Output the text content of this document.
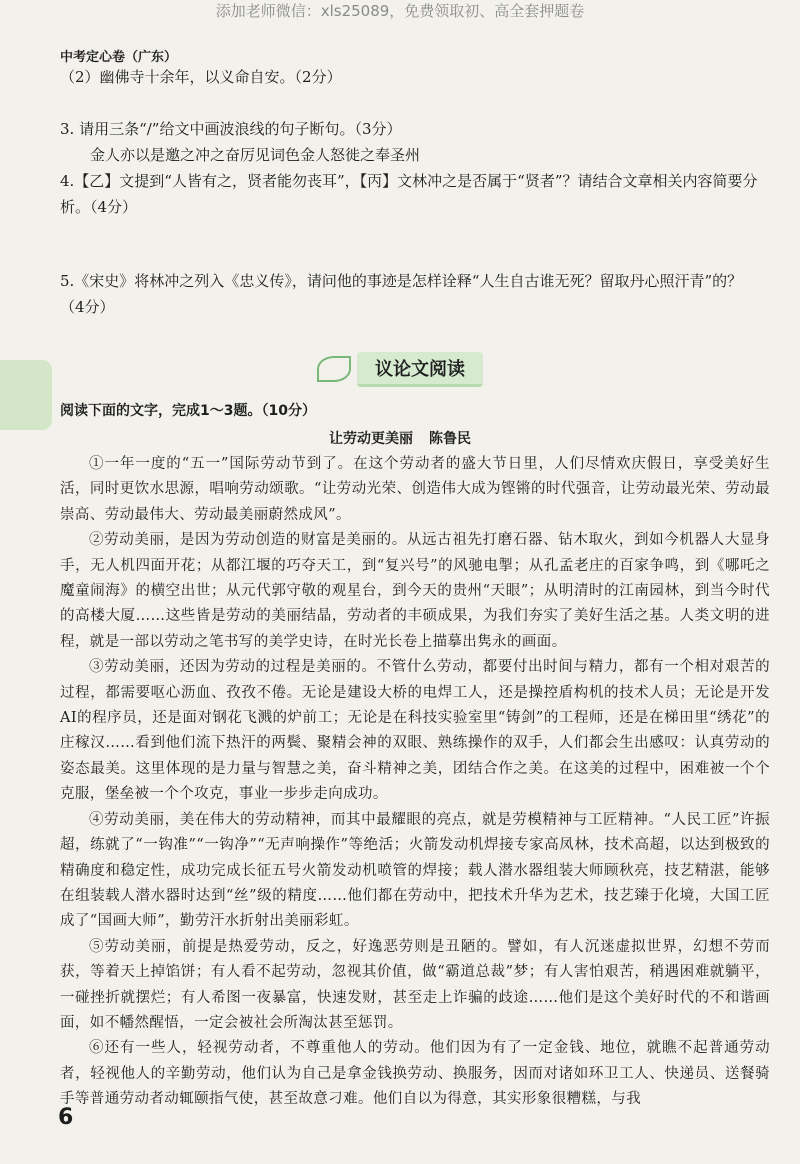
添加老师微信：xls25089，免费领取初、高全套押题卷
中考定心卷（广东）
（2）幽佛寺十余年，以义命自安。（2分）
3. 请用三条“/”给文中画波浪线的句子断句。（3分）
金人亦以是邀之冲之奋厉见词色金人怒徙之奉圣州
4.【乙】文提到“人皆有之，贤者能勿丧耳”，【丙】文林冲之是否属于“贤者”？请结合文章相关内容简要分析。（4分）
5.《宋史》将林冲之列入《忠义传》，请问他的事迹是怎样诠释“人生自古谁无死？留取丹心照汗青”的？（4分）
议论文阅读
阅读下面的文字，完成1～3题。（10分）
让劳动更美丽 陈鲁民

①一年一度的“五一”国际劳动节到了。在这个劳动者的盛大节日里，人们尽情欢庆假日，享受美好生活，同时更饮水思源，唱响劳动颂歌。“让劳动光荣、创造伟大成为铿锵的时代强音，让劳动最光荣、劳动最崇高、劳动最伟大、劳动最美丽蔚然成风”。

②劳动美丽，是因为劳动创造的财富是美丽的。从远古祖先打磨石器、钻木取火，到如今机器人大显身手，无人机四面开花；从都江堰的巧夺天工，到“复兴号”的风驰电掣；从孔孟老庄的百家争鸣，到《哪吒之魔童闹海》的横空出世；从元代郭守敬的观星台，到今天的贵州“天眼”；从明清时的江南园林，到当今时代的高楼大厦……这些皆是劳动的美丽结晶，劳动者的丰硕成果，为我们夯实了美好生活之基。人类文明的进程，就是一部以劳动之笔书写的美学史诗，在时光长卷上描摹出隽永的画面。

③劳动美丽，还因为劳动的过程是美丽的。不管什么劳动，都要付出时间与精力，都有一个相对艰苦的过程，都需要呕心沥血、孜孜不倦。无论是建设大桥的电焊工人，还是操控盾构机的技术人员；无论是开发AI的程序员，还是面对钢花飞溅的炉前工；无论是在科技实验室里“铸剑”的工程师，还是在梯田里“绣花”的庄稼汉……看到他们流下热汗的两鬓、聚精会神的双眼、熟练操作的双手，人们都会生出感叹：认真劳动的姿态最美。这里体现的是力量与智慧之美，奋斗精神之美，团结合作之美。在这美的过程中，困难被一个个克服，堡垒被一个个攻克，事业一步步走向成功。

④劳动美丽，美在伟大的劳动精神，而其中最耀眼的亮点，就是劳模精神与工匠精神。“人民工匠”许振超，练就了“一钩准”“一钩净”“无声响操作”等绝活；火箭发动机焊接专家高凤林，技术高超，以达到极致的精确度和稳定性，成功完成长征五号火箭发动机喷管的焊接；载人潜水器组装大师顾秋亮，技艺精湛，能够在组装载人潜水器时达到“丝”级的精度……他们都在劳动中，把技术升华为艺术，技艺臻于化境，大国工匠成了“国画大师”，勤劳汗水折射出美丽彩虹。

⑤劳动美丽，前提是热爱劳动，反之，好逸恶劳则是丑陋的。譬如，有人沉迷虚拟世界，幻想不劳而获，等着天上掉馅饼；有人看不起劳动，忽视其价值，做“霸道总裁”梦；有人害怕艰苦，稍遇困难就躺平，一碰挫折就摆烂；有人希图一夜暴富，快速发财，甚至走上诈骗的歧途……他们是这个美好时代的不和谐画面，如不幡然醒悟，一定会被社会所淘汰甚至惩罚。

⑥还有一些人，轻视劳动者，不尊重他人的劳动。他们因为有了一定金钱、地位，就瞧不起普通劳动者，轻视他人的辛勤劳动，他们认为自己是拿金钱换劳动、换服务，因而对诸如环卫工人、快递员、送餐骑手等普通劳动者动辄颐指气使，甚至故意刁难。他们自以为得意，其实形象很糟糕，与我

6
